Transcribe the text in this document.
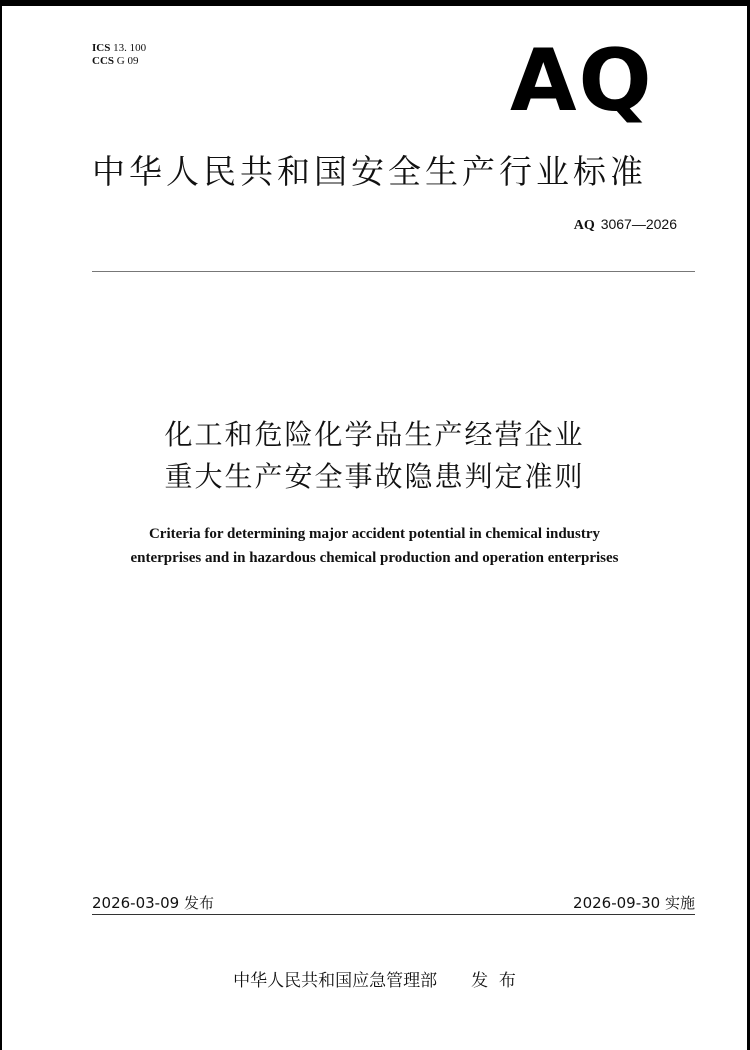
ICS 13. 100
CCS G 09	AQ
中华人民共和国安全生产行业标准
AQ 3067—2026
化工和危险化学品生产经营企业
重大生产安全事故隐患判定准则
Criteria for determining major accident potential in chemical industry
enterprises and in hazardous chemical production and operation enterprises
2026-03-09 发布	2026-09-30 实施
中华人民共和国应急管理部 发  布
